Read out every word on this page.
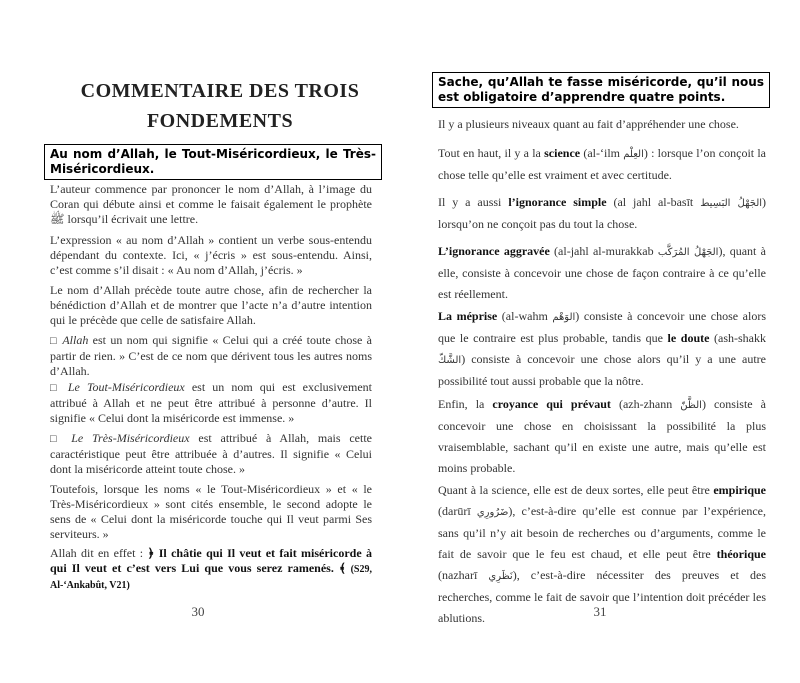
COMMENTAIRE DES TROIS
FONDEMENTS
Au nom d’Allah, le Tout-Miséricordieux, le Très-Miséricordieux.
L’auteur commence par prononcer le nom d’Allah, à l’image du Coran qui débute ainsi et comme le faisait également le prophète ﷺ lorsqu’il écrivait une lettre.
L’expression « au nom d’Allah » contient un verbe sous-entendu dépendant du contexte. Ici, « j’écris » est sous-entendu. Ainsi, c’est comme s’il disait : « Au nom d’Allah, j’écris. »
Le nom d’Allah précède toute autre chose, afin de rechercher la bénédiction d’Allah et de montrer que l’acte n’a d’autre intention qui le précède que celle de satisfaire Allah.
□ Allah est un nom qui signifie « Celui qui a créé toute chose à partir de rien. » C’est de ce nom que dérivent tous les autres noms d’Allah.
□ Le Tout-Miséricordieux est un nom qui est exclusivement attribué à Allah et ne peut être attribué à personne d’autre. Il signifie « Celui dont la miséricorde est immense. »
□ Le Très-Miséricordieux est attribué à Allah, mais cette caractéristique peut être attribuée à d’autres. Il signifie « Celui dont la miséricorde atteint toute chose. »
Toutefois, lorsque les noms « le Tout-Miséricordieux » et « le Très-Miséricordieux » sont cités ensemble, le second adopte le sens de « Celui dont la miséricorde touche qui Il veut parmi Ses serviteurs. »
Allah dit en effet : ﴿ Il châtie qui Il veut et fait miséricorde à qui Il veut et c’est vers Lui que vous serez ramenés. ﴾ (S29, Al-‘Ankabût, V21)
30
Sache, qu’Allah te fasse miséricorde, qu’il nous est obligatoire d’apprendre quatre points.
Il y a plusieurs niveaux quant au fait d’appréhender une chose.
Tout en haut, il y a la science (al-‘ilm العِلْم) : lorsque l’on conçoit la chose telle qu’elle est vraiment et avec certitude.
Il y a aussi l’ignorance simple (al jahl al-basīt الجَهْلُ البَسِيط) lorsqu’on ne conçoit pas du tout la chose.
L’ignorance aggravée (al-jahl al-murakkab الجَهْلُ المُرَكَّب), quant à elle, consiste à concevoir une chose de façon contraire à ce qu’elle est réellement.
La méprise (al-wahm الوَهْم) consiste à concevoir une chose alors que le contraire est plus probable, tandis que le doute (ash-shakk الشَّكّ) consiste à concevoir une chose alors qu’il y a une autre possibilité tout aussi probable que la nôtre.
Enfin, la croyance qui prévaut (azh-zhann الظَّنّ) consiste à concevoir une chose en choisissant la possibilité la plus vraisemblable, sachant qu’il en existe une autre, mais qu’elle est moins probable.
Quant à la science, elle est de deux sortes, elle peut être empirique (darūrī ضَرُورِي), c’est-à-dire qu’elle est connue par l’expérience, sans qu’il n’y ait besoin de recherches ou d’arguments, comme le fait de savoir que le feu est chaud, et elle peut être théorique (nazharī نَظَرِي), c’est-à-dire nécessiter des preuves et des recherches, comme le fait de savoir que l’intention doit précéder les ablutions.	31
